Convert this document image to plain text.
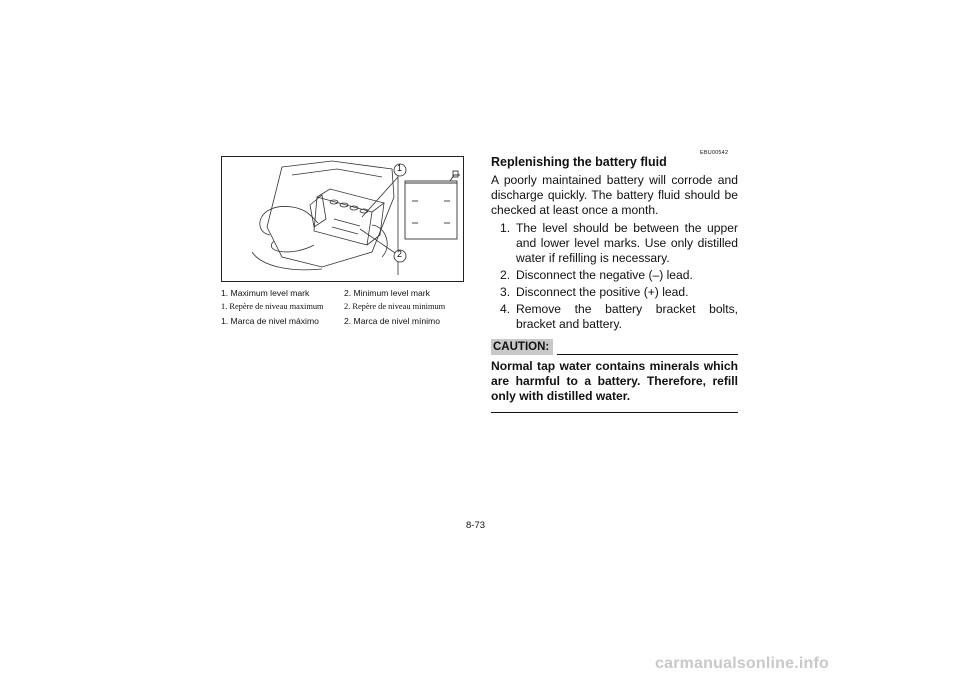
1
2
1. Maximum level mark	2. Minimum level mark
1. Repère de niveau maximum	2. Repère de niveau minimum
1. Marca de nivel máximo	2. Marca de nivel mínimo
EBU00542

Replenishing the battery fluid

A poorly maintained battery will corrode and discharge quickly. The battery fluid should be checked at least once a month.

1. The level should be between the upper and lower level marks. Use only distilled water if refilling is necessary.
2. Disconnect the negative (–) lead.
3. Disconnect the positive (+) lead.
4. Remove the battery bracket bolts, bracket and battery.
CAUTION:

Normal tap water contains minerals which are harmful to a battery. Therefore, refill only with distilled water.

8-73
carmanualsonline.info
